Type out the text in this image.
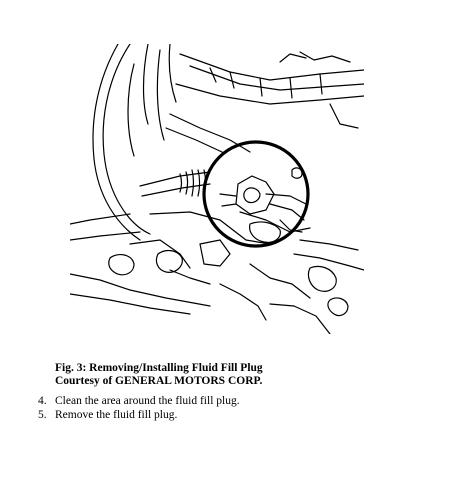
Fig. 3: Removing/Installing Fluid Fill Plug
Courtesy of GENERAL MOTORS CORP.
4. Clean the area around the fluid fill plug.
5. Remove the fluid fill plug.
